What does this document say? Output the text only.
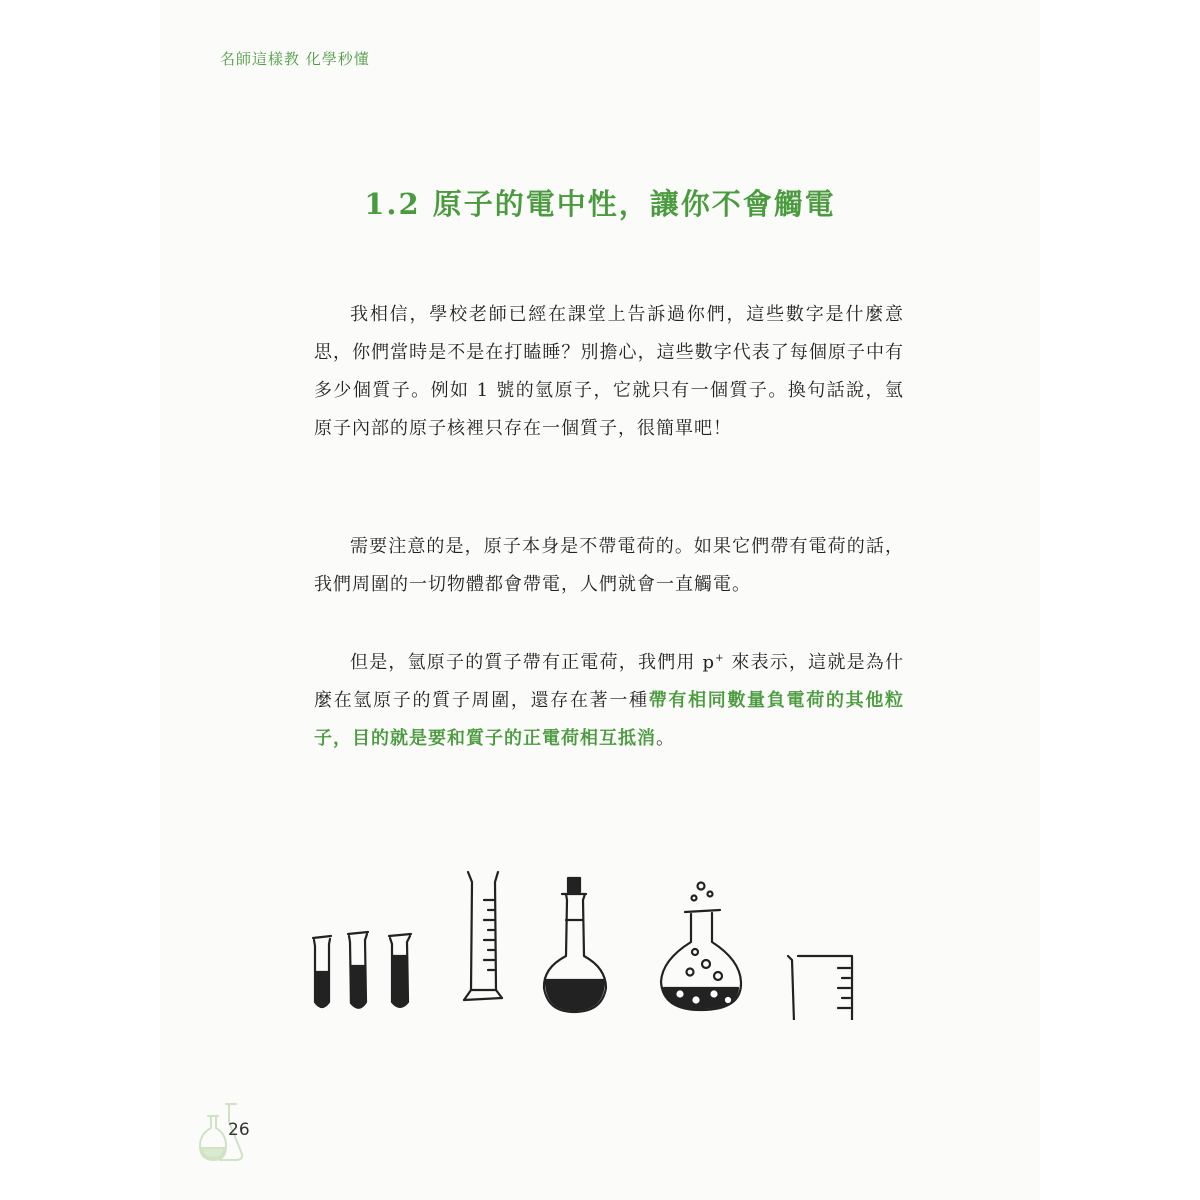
名師這樣教 化學秒懂
1.2 原子的電中性，讓你不會觸電

我相信，學校老師已經在課堂上告訴過你們，這些數字是什麼意思，你們當時是不是在打瞌睡？別擔心，這些數字代表了每個原子中有多少個質子。例如 1 號的氫原子，它就只有一個質子。換句話說，氫原子內部的原子核裡只存在一個質子，很簡單吧！

需要注意的是，原子本身是不帶電荷的。如果它們帶有電荷的話，我們周圍的一切物體都會帶電，人們就會一直觸電。

但是，氫原子的質子帶有正電荷，我們用 p+ 來表示，這就是為什麼在氫原子的質子周圍，還存在著一種帶有相同數量負電荷的其他粒子，目的就是要和質子的正電荷相互抵消。

26
